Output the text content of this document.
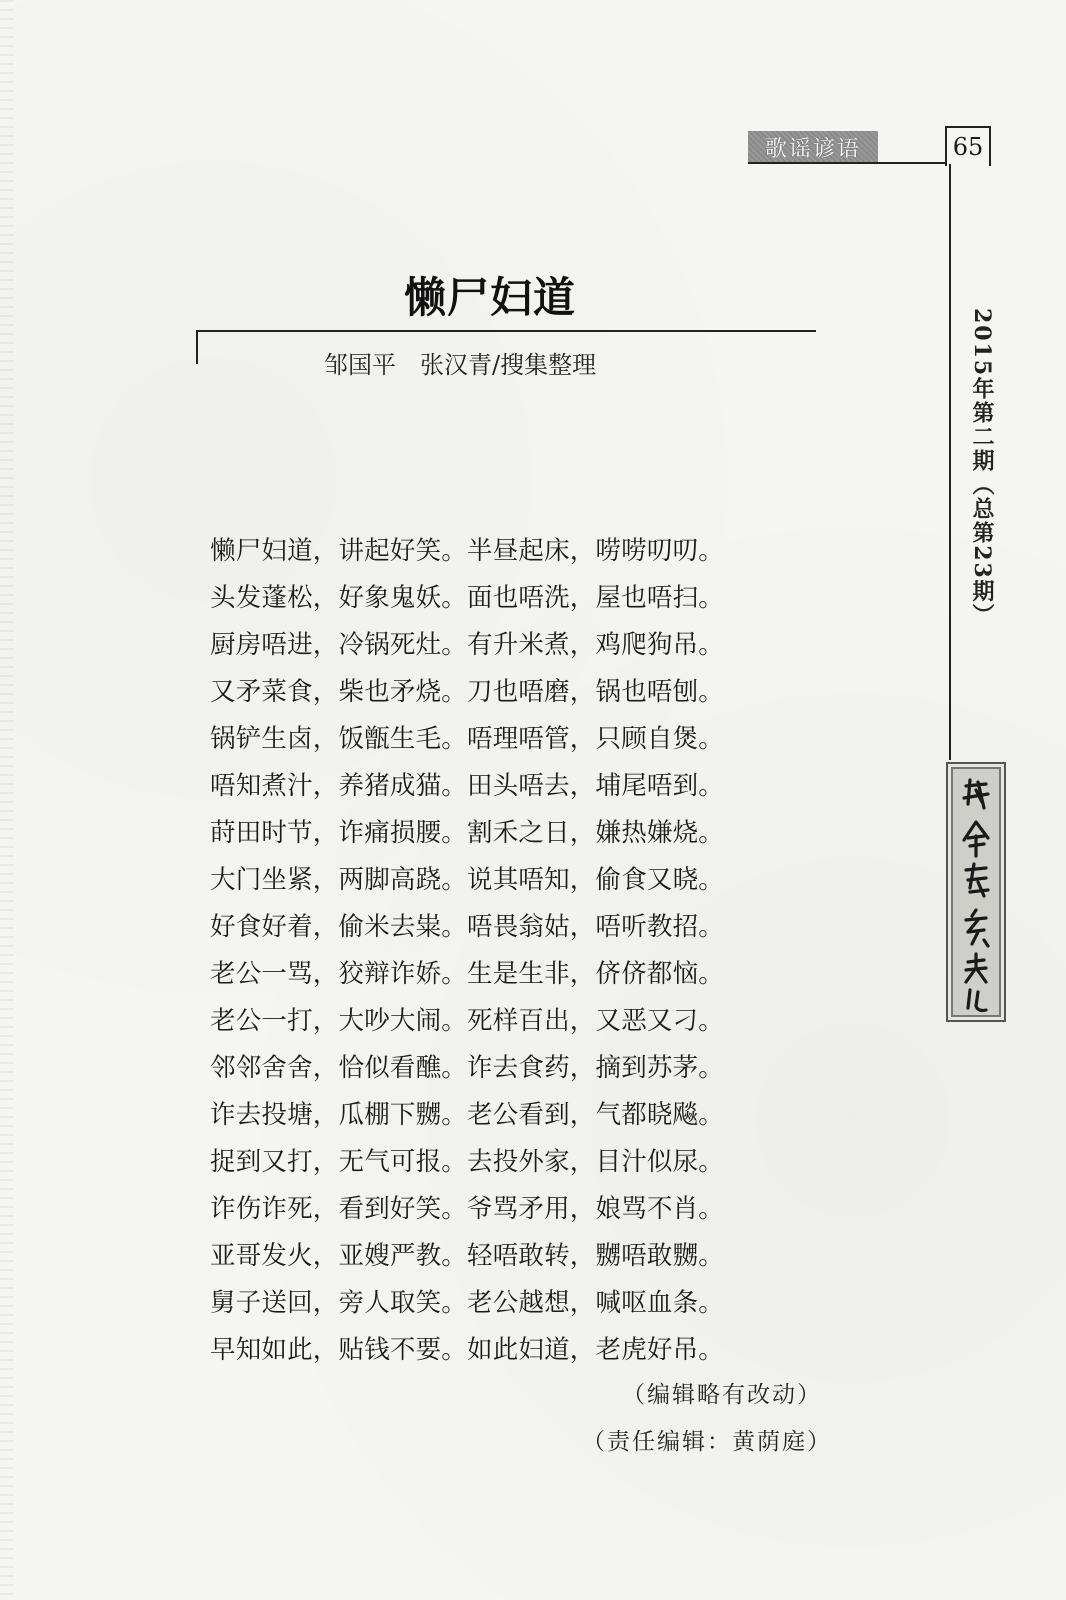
歌谣谚语	65
2015年第二期（总第23期）
懒尸妇道
邹国平　张汉青/搜集整理
懒尸妇道，讲起好笑。半昼起床，唠唠叨叨。
头发蓬松，好象鬼妖。面也唔洗，屋也唔扫。
厨房唔进，冷锅死灶。有升米煮，鸡爬狗吊。
又矛菜食，柴也矛烧。刀也唔磨，锅也唔刨。
锅铲生卤，饭甑生毛。唔理唔管，只顾自煲。
唔知煮汁，养猪成猫。田头唔去，埔尾唔到。
莳田时节，诈痛损腰。割禾之日，嫌热嫌烧。
大门坐紧，两脚高跷。说其唔知，偷食又晓。
好食好着，偷米去粜。唔畏翁姑，唔听教招。
老公一骂，狡辩诈娇。生是生非，侪侪都恼。
老公一打，大吵大闹。死样百出，又恶又刁。
邻邻舍舍，恰似看醮。诈去食药，摘到苏茅。
诈去投塘，瓜棚下嬲。老公看到，气都晓飚。
捉到又打，无气可报。去投外家，目汁似尿。
诈伤诈死，看到好笑。爷骂矛用，娘骂不肖。
亚哥发火，亚嫂严教。轻唔敢转，嬲唔敢嬲。
舅子送回，旁人取笑。老公越想，喊呕血条。
早知如此，贴钱不要。如此妇道，老虎好吊。
（编辑略有改动）
（责任编辑：黄荫庭）
